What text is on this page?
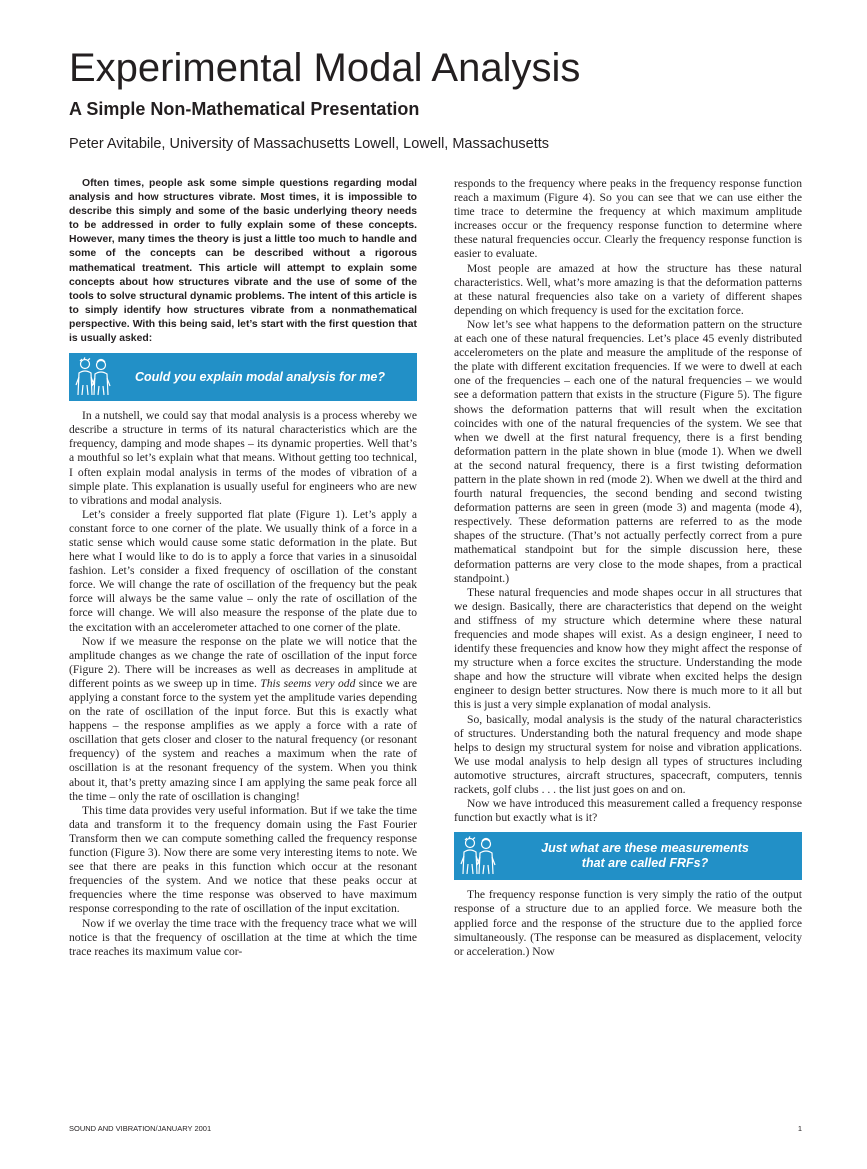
Experimental Modal Analysis
A Simple Non-Mathematical Presentation
Peter Avitabile, University of Massachusetts Lowell, Lowell, Massachusetts

Often times, people ask some simple questions regarding modal analysis and how structures vibrate. Most times, it is impossible to describe this simply and some of the basic underlying theory needs to be addressed in order to fully explain some of these concepts. However, many times the theory is just a little too much to handle and some of the concepts can be described without a rigorous mathematical treatment. This article will attempt to explain some concepts about how structures vibrate and the use of some of the tools to solve structural dynamic problems. The intent of this article is to simply identify how structures vibrate from a nonmathematical perspective. With this being said, let’s start with the first question that is usually asked:

Could you explain modal analysis for me?

In a nutshell, we could say that modal analysis is a process whereby we describe a structure in terms of its natural characteristics which are the frequency, damping and mode shapes – its dynamic properties. Well that’s a mouthful so let’s explain what that means. Without getting too technical, I often explain modal analysis in terms of the modes of vibration of a simple plate. This explanation is usually useful for engineers who are new to vibrations and modal analysis.

Let’s consider a freely supported flat plate (Figure 1). Let’s apply a constant force to one corner of the plate. We usually think of a force in a static sense which would cause some static deformation in the plate. But here what I would like to do is to apply a force that varies in a sinusoidal fashion. Let’s consider a fixed frequency of oscillation of the constant force. We will change the rate of oscillation of the frequency but the peak force will always be the same value – only the rate of oscillation of the force will change. We will also measure the response of the plate due to the excitation with an accelerometer attached to one corner of the plate.

Now if we measure the response on the plate we will notice that the amplitude changes as we change the rate of oscillation of the input force (Figure 2). There will be increases as well as decreases in amplitude at different points as we sweep up in time. This seems very odd since we are applying a constant force to the system yet the amplitude varies depending on the rate of oscillation of the input force. But this is exactly what happens – the response amplifies as we apply a force with a rate of oscillation that gets closer and closer to the natural frequency (or resonant frequency) of the system and reaches a maximum when the rate of oscillation is at the resonant frequency of the system. When you think about it, that’s pretty amazing since I am applying the same peak force all the time – only the rate of oscillation is changing!

This time data provides very useful information. But if we take the time data and transform it to the frequency domain using the Fast Fourier Transform then we can compute something called the frequency response function (Figure 3). Now there are some very interesting items to note. We see that there are peaks in this function which occur at the resonant frequencies of the system. And we notice that these peaks occur at frequencies where the time response was observed to have maximum response corresponding to the rate of oscillation of the input excitation.

Now if we overlay the time trace with the frequency trace what we will notice is that the frequency of oscillation at the time at which the time trace reaches its maximum value cor-

responds to the frequency where peaks in the frequency response function reach a maximum (Figure 4). So you can see that we can use either the time trace to determine the frequency at which maximum amplitude increases occur or the frequency response function to determine where these natural frequencies occur. Clearly the frequency response function is easier to evaluate.

Most people are amazed at how the structure has these natural characteristics. Well, what’s more amazing is that the deformation patterns at these natural frequencies also take on a variety of different shapes depending on which frequency is used for the excitation force.

Now let’s see what happens to the deformation pattern on the structure at each one of these natural frequencies. Let’s place 45 evenly distributed accelerometers on the plate and measure the amplitude of the response of the plate with different excitation frequencies. If we were to dwell at each one of the frequencies – each one of the natural frequencies – we would see a deformation pattern that exists in the structure (Figure 5). The figure shows the deformation patterns that will result when the excitation coincides with one of the natural frequencies of the system. We see that when we dwell at the first natural frequency, there is a first bending deformation pattern in the plate shown in blue (mode 1). When we dwell at the second natural frequency, there is a first twisting deformation pattern in the plate shown in red (mode 2). When we dwell at the third and fourth natural frequencies, the second bending and second twisting deformation patterns are seen in green (mode 3) and magenta (mode 4), respectively. These deformation patterns are referred to as the mode shapes of the structure. (That’s not actually perfectly correct from a pure mathematical standpoint but for the simple discussion here, these deformation patterns are very close to the mode shapes, from a practical standpoint.)

These natural frequencies and mode shapes occur in all structures that we design. Basically, there are characteristics that depend on the weight and stiffness of my structure which determine where these natural frequencies and mode shapes will exist. As a design engineer, I need to identify these frequencies and know how they might affect the response of my structure when a force excites the structure. Understanding the mode shape and how the structure will vibrate when excited helps the design engineer to design better structures. Now there is much more to it all but this is just a very simple explanation of modal analysis.

So, basically, modal analysis is the study of the natural characteristics of structures. Understanding both the natural frequency and mode shape helps to design my structural system for noise and vibration applications. We use modal analysis to help design all types of structures including automotive structures, aircraft structures, spacecraft, computers, tennis rackets, golf clubs . . . the list just goes on and on.

Now we have introduced this measurement called a frequency response function but exactly what is it?

Just what are these measurements
that are called FRFs?

The frequency response function is very simply the ratio of the output response of a structure due to an applied force. We measure both the applied force and the response of the structure due to the applied force simultaneously. (The response can be measured as displacement, velocity or acceleration.) Now

SOUND AND VIBRATION/JANUARY 2001	1
